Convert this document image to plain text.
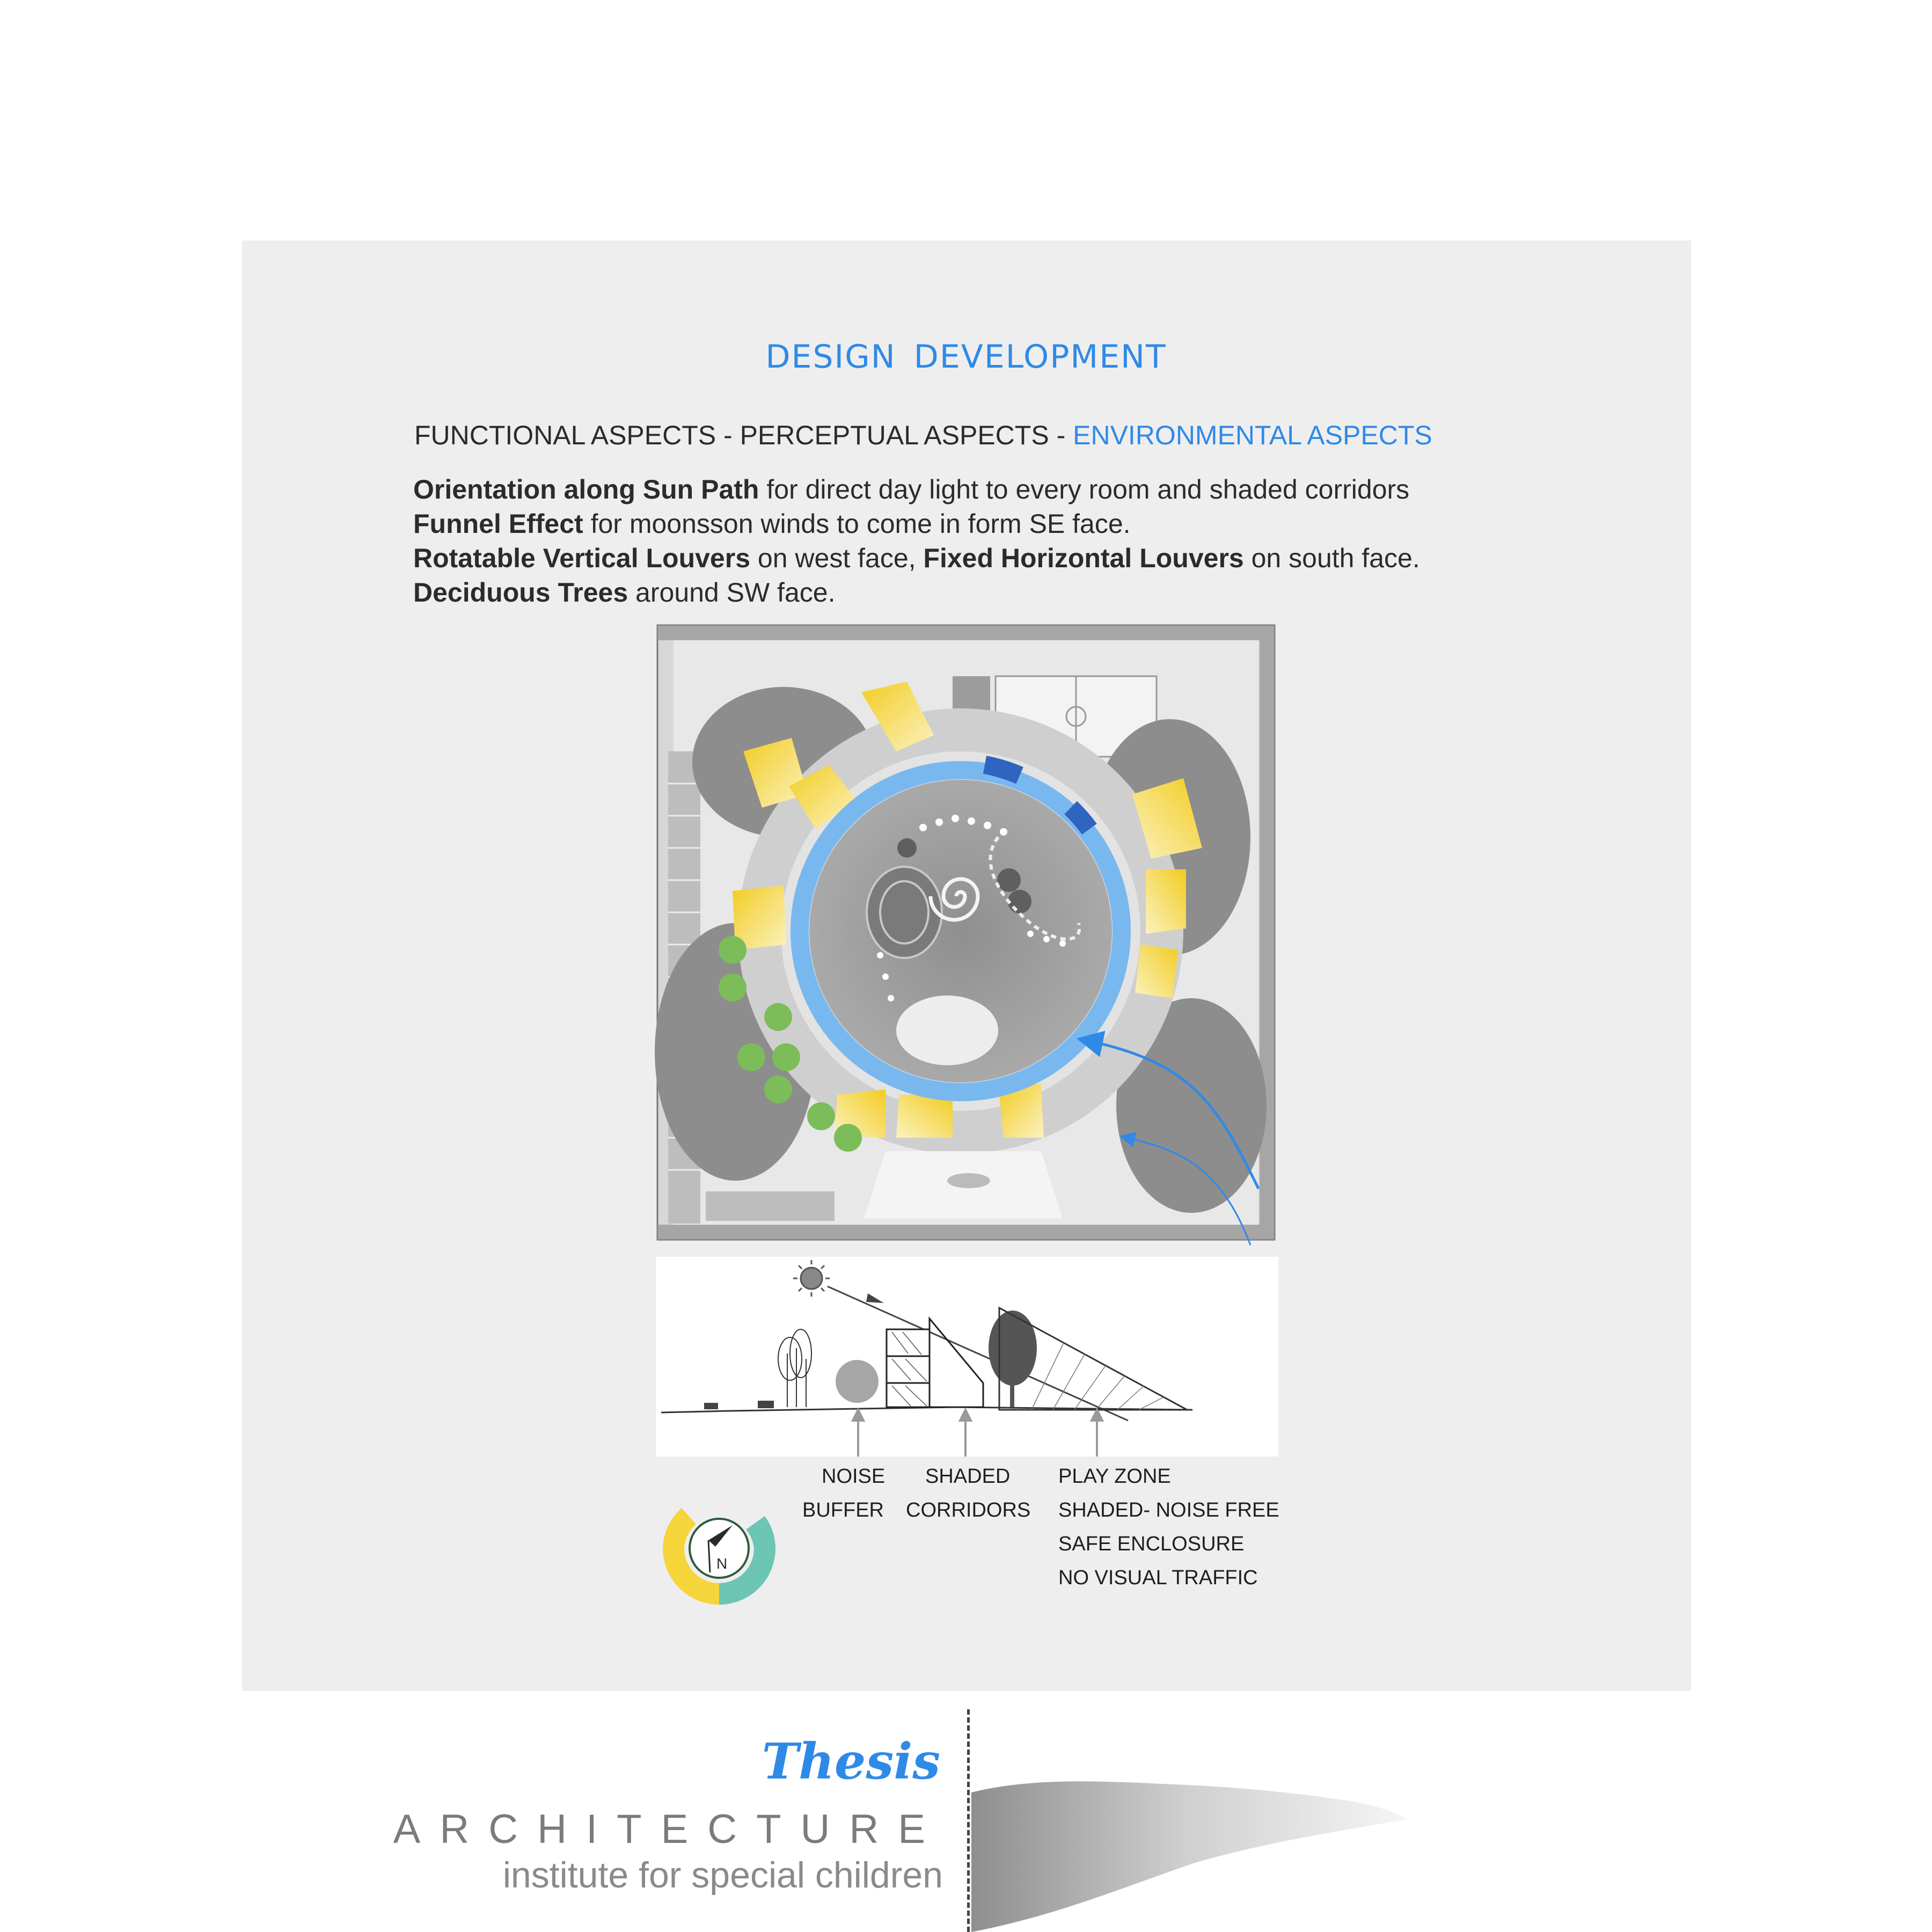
DESIGN DEVELOPMENT
FUNCTIONAL ASPECTS - PERCEPTUAL ASPECTS - ENVIRONMENTAL ASPECTS
Orientation along Sun Path for direct day light to every room and shaded corridors
Funnel Effect for moonsson winds to come in form SE face.
Rotatable Vertical Louvers on west face, Fixed Horizontal Louvers on south face.
Deciduous Trees around SW face.
NOISE
BUFFER
SHADED
CORRIDORS
PLAY ZONE
SHADED- NOISE FREE
SAFE ENCLOSURE
NO VISUAL TRAFFIC
N
Thesis
ARCHITECTURE
institute for special children
